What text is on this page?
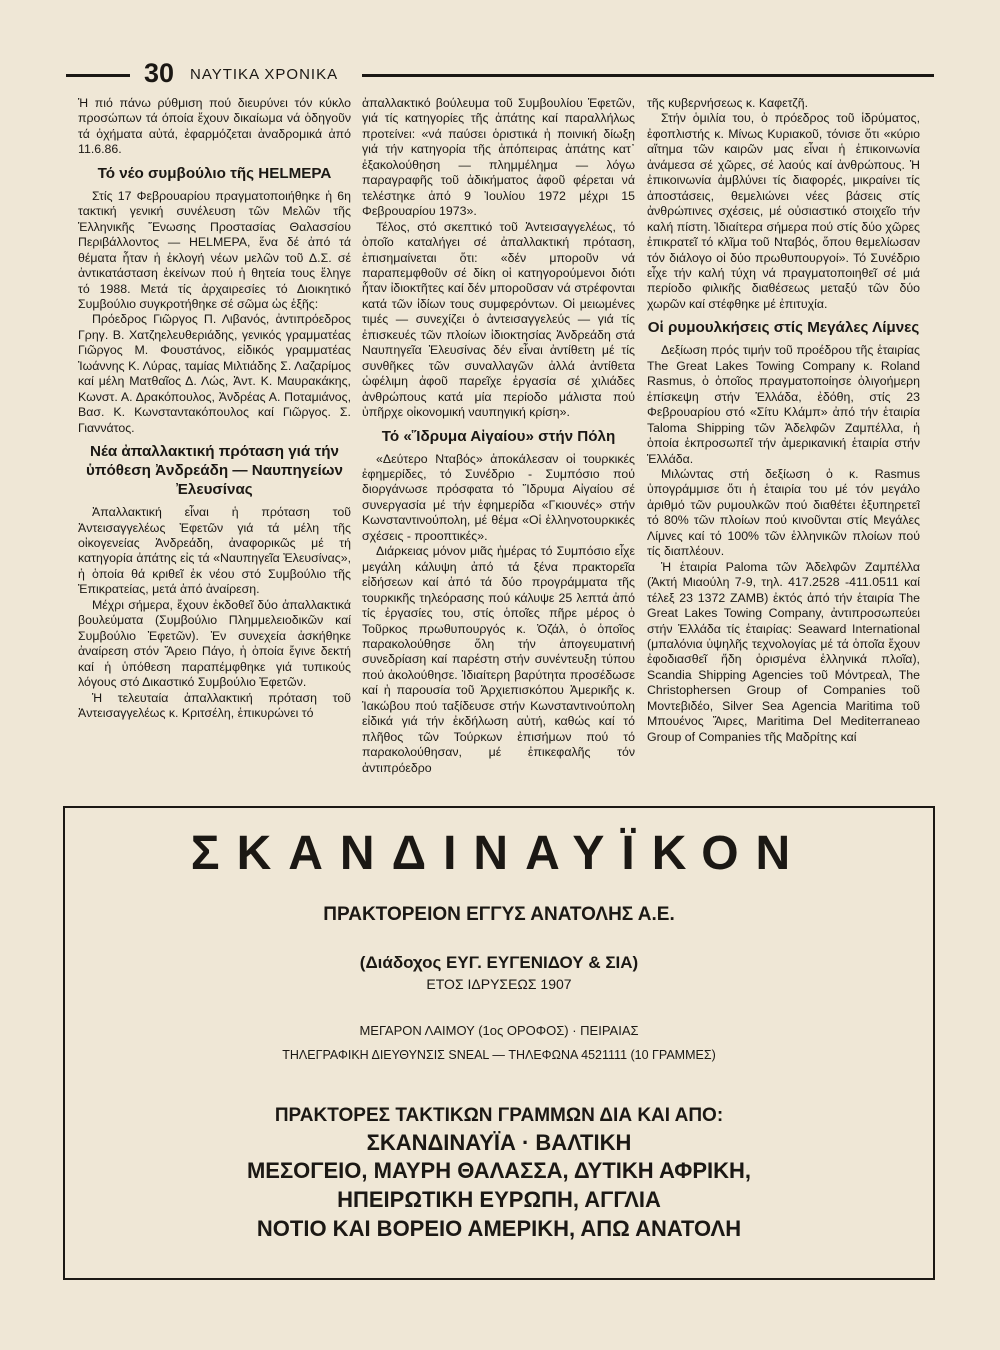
30 ΝΑΥΤΙΚΑ ΧΡΟΝΙΚΑ

Ἡ πιό πάνω ρύθμιση πού διευρύνει τόν κύκλο προσώπων τά όποία ἔχουν δικαίωμα νά ὁδηγοῦν τά ὀχήματα αὐτά, ἐφαρμόζεται ἀναδρομικά ἀπό 11.6.86.

Τό νέο συμβούλιο τῆς HELMEPA

Στίς 17 Φεβρουαρίου πραγματοποιήθηκε ἡ 6η τακτική γενική συνέλευση τῶν Μελῶν τῆς Ἑλληνικῆς Ἕνωσης Προστασίας Θαλασσίου Περιβάλλοντος — HELMEPA, ἕνα δέ ἀπό τά θέματα ἦταν ἡ ἐκλογή νέων μελῶν τοῦ Δ.Σ. σέ ἀντικατάσταση ἐκείνων πού ἡ θητεία τους ἔληγε τό 1988. Μετά τίς ἀρχαιρεσίες τό Διοικητικό Συμβούλιο συγκροτήθηκε σέ σῶμα ὡς ἑξῆς:

Πρόεδρος Γιῶργος Π. Λιβανός, ἀντιπρόεδρος Γρηγ. Β. Χατζηελευθεριάδης, γενικός γραμματέας Γιῶργος Μ. Φουστάνος, εἰδικός γραμματέας Ἰωάννης Κ. Λύρας, ταμίας Μιλτιάδης Σ. Λαζαρίμος καί μέλη Ματθαῖος Δ. Λώς, Ἀντ. Κ. Μαυρακάκης, Κωνστ. Α. Δρακόπουλος, Ἀνδρέας Α. Ποταμιάνος, Βασ. Κ. Κωνσταντακόπουλος καί Γιῶργος. Σ. Γιαννάτος.

Νέα ἀπαλλακτική πρόταση γιά τήν ὑπόθεση Ἀνδρεάδη — Ναυπηγείων Ἐλευσίνας

Ἀπαλλακτική εἶναι ἡ πρόταση τοῦ Ἀντεισαγγελέως Ἐφετῶν γιά τά μέλη τῆς οἰκογενείας Ἀνδρεάδη, ἀναφορικῶς μέ τή κατηγορία ἀπάτης εἰς τά «Ναυπηγεῖα Ἐλευσίνας», ἡ ὁποία θά κριθεῖ ἐκ νέου στό Συμβούλιο τῆς Ἐπικρατείας, μετά ἀπό ἀναίρεση.

Μέχρι σήμερα, ἔχουν ἐκδοθεῖ δύο ἀπαλλακτικά βουλεύματα (Συμβούλιο Πλημμελειοδικῶν καί Συμβούλιο Ἐφετῶν). Ἐν συνεχεία ἀσκήθηκε ἀναίρεση στόν Ἄρειο Πάγο, ἡ ὁποία ἔγινε δεκτή καί ἡ ὑπόθεση παραπέμφθηκε γιά τυπικούς λόγους στό Δικαστικό Συμβούλιο Ἐφετῶν.

Ἡ τελευταία ἀπαλλακτική πρόταση τοῦ Ἀντεισαγγελέως κ. Κριτσέλη, ἐπικυρώνει τό

ἀπαλλακτικό βούλευμα τοῦ Συμβουλίου Ἐφετῶν, γιά τίς κατηγορίες τῆς ἀπάτης καί παραλλήλως προτείνει: «νά παύσει ὁριστικά ἡ ποινική δίωξη γιά τήν κατηγορία τῆς ἀπόπειρας ἀπάτης κατ᾽ ἐξακολούθηση — πλημμέλημα — λόγω παραγραφῆς τοῦ ἀδικήματος ἀφοῦ φέρεται νά τελέστηκε ἀπό 9 Ἰουλίου 1972 μέχρι 15 Φεβρουαρίου 1973».

Τέλος, στό σκεπτικό τοῦ Ἀντεισαγγελέως, τό ὁποῖο καταλήγει σέ ἀπαλλακτική πρόταση, ἐπισημαίνεται ὅτι: «δέν μποροῦν νά παραπεμφθοῦν σέ δίκη οἱ κατηγορούμενοι διότι ἦταν ἰδιοκτῆτες καί δέν μποροῦσαν νά στρέφονται κατά τῶν ἰδίων τους συμφερόντων. Οἱ μειωμένες τιμές — συνεχίζει ὁ ἀντεισαγγελεύς — γιά τίς ἐπισκευές τῶν πλοίων ἰδιοκτησίας Ἀνδρεάδη στά Ναυπηγεῖα Ἐλευσίνας δέν εἶναι ἀντίθετη μέ τίς συνθῆκες τῶν συναλλαγῶν ἀλλά ἀντίθετα ὠφέλιμη ἀφοῦ παρεῖχε ἐργασία σέ χιλιάδες ἀνθρώπους κατά μία περίοδο μάλιστα πού ὑπῆρχε οἰκονομική ναυπηγική κρίση».

Τό «Ἵδρυμα Αἰγαίου» στήν Πόλη

«Δεύτερο Νταβός» ἀποκάλεσαν οἱ τουρκικές ἐφημερίδες, τό Συνέδριο - Συμπόσιο πού διοργάνωσε πρόσφατα τό Ἵδρυμα Αἰγαίου σέ συνεργασία μέ τήν ἐφημερίδα «Γκιουνές» στήν Κωνσταντινούπολη, μέ θέμα «Οἱ ἑλληνοτουρκικές σχέσεις - προοπτικές».

Διάρκειας μόνον μιᾶς ἡμέρας τό Συμπόσιο εἶχε μεγάλη κάλυψη ἀπό τά ξένα πρακτορεῖα εἰδήσεων καί ἀπό τά δύο προγράμματα τῆς τουρκικῆς τηλεόρασης πού κάλυψε 25 λεπτά ἀπό τίς ἐργασίες του, στίς ὁποῖες πῆρε μέρος ὁ Τοῦρκος πρωθυπουργός κ. Ὀζάλ, ὁ ὁποῖος παρακολούθησε ὅλη τήν ἀπογευματινή συνεδρίαση καί παρέστη στήν συνέντευξη τύπου πού ἀκολούθησε. Ἰδιαίτερη βαρύτητα προσέδωσε καί ἡ παρουσία τοῦ Ἀρχιεπισκόπου Ἀμερικῆς κ. Ἰακώβου πού ταξίδευσε στήν Κωνσταντινούπολη εἰδικά γιά τήν ἐκδήλωση αὐτή, καθώς καί τό πλῆθος τῶν Τούρκων ἐπισήμων πού τό παρακολούθησαν, μέ ἐπικεφαλῆς τόν ἀντιπρόεδρο

τῆς κυβερνήσεως κ. Καφετζῆ.

Στήν ὁμιλία του, ὁ πρόεδρος τοῦ ἱδρύματος, ἐφοπλιστής κ. Μίνως Κυριακοῦ, τόνισε ὅτι «κύριο αἴτημα τῶν καιρῶν μας εἶναι ἡ ἐπικοινωνία ἀνάμεσα σέ χῶρες, σέ λαούς καί ἀνθρώπους. Ἡ ἐπικοινωνία ἀμβλύνει τίς διαφορές, μικραίνει τίς ἀποστάσεις, θεμελιώνει νέες βάσεις στίς ἀνθρώπινες σχέσεις, μέ οὐσιαστικό στοιχεῖο τήν καλή πίστη. Ἰδιαίτερα σήμερα πού στίς δύο χῶρες ἐπικρατεῖ τό κλῖμα τοῦ Νταβός, ὅπου θεμελίωσαν τόν διάλογο οἱ δύο πρωθυπουργοί». Τό Συνέδριο εἶχε τήν καλή τύχη νά πραγματοποιηθεῖ σέ μιά περίοδο φιλικῆς διαθέσεως μεταξύ τῶν δύο χωρῶν καί στέφθηκε μέ ἐπιτυχία.

Οἱ ρυμουλκήσεις στίς Μεγάλες Λίμνες

Δεξίωση πρός τιμήν τοῦ προέδρου τῆς ἑταιρίας The Great Lakes Towing Company κ. Roland Rasmus, ὁ ὁποῖος πραγματοποίησε ὀλιγοήμερη ἐπίσκεψη στήν Ἑλλάδα, ἐδόθη, στίς 23 Φεβρουαρίου στό «Σίτυ Κλάμπ» ἀπό τήν ἑταιρία Taloma Shipping τῶν Ἀδελφῶν Ζαμπέλλα, ἡ ὁποία ἐκπροσωπεῖ τήν ἀμερικανική ἑταιρία στήν Ἑλλάδα.

Μιλώντας στή δεξίωση ὁ κ. Rasmus ὑπογράμμισε ὅτι ἡ ἑταιρία του μέ τόν μεγάλο ἀριθμό τῶν ρυμουλκῶν πού διαθέτει ἐξυπηρετεῖ τό 80% τῶν πλοίων πού κινοῦνται στίς Μεγάλες Λίμνες καί τό 100% τῶν ἑλληνικῶν πλοίων πού τίς διαπλέουν.

Ἡ ἑταιρία Paloma τῶν Ἀδελφῶν Ζαμπέλλα (Ἀκτή Μιαούλη 7-9, τηλ. 417.2528 -411.0511 καί τέλεξ 23 1372 ZAMB) ἐκτός ἀπό τήν ἑταιρία The Great Lakes Towing Company, ἀντιπροσωπεύει στήν Ἑλλάδα τίς ἑταιρίας: Seaward International (μπαλόνια ὑψηλῆς τεχνολογίας μέ τά ὁποῖα ἔχουν ἐφοδιασθεῖ ἤδη ὁρισμένα ἑλληνικά πλοῖα), Scandia Shipping Agencies τοῦ Μόντρεαλ, The Christophersen Group of Companies τοῦ Μοντεβιδέο, Silver Sea Agencia Maritima τοῦ Μπουένος Ἄιρες, Maritima Del Mediterraneao Group of Companies τῆς Μαδρίτης καί

ΣΚΑΝΔΙΝΑΥΪΚΟΝ
ΠΡΑΚΤΟΡΕΙΟΝ ΕΓΓΥΣ ΑΝΑΤΟΛΗΣ Α.Ε.
(Διάδοχος ΕΥΓ. ΕΥΓΕΝΙΔΟΥ & ΣΙΑ)
ΕΤΟΣ ΙΔΡΥΣΕΩΣ 1907
ΜΕΓΑΡΟΝ ΛΑΙΜΟΥ (1ος ΟΡΟΦΟΣ) · ΠΕΙΡΑΙΑΣ
ΤΗΛΕΓΡΑΦΙΚΗ ΔΙΕΥΘΥΝΣΙΣ SNEAL — ΤΗΛΕΦΩΝΑ 4521111 (10 ΓΡΑΜΜΕΣ)
ΠΡΑΚΤΟΡΕΣ ΤΑΚΤΙΚΩΝ ΓΡΑΜΜΩΝ ΔΙΑ ΚΑΙ ΑΠΟ:
ΣΚΑΝΔΙΝΑΥΪΑ · ΒΑΛΤΙΚΗ
ΜΕΣΟΓΕΙΟ, ΜΑΥΡΗ ΘΑΛΑΣΣΑ, ΔΥΤΙΚΗ ΑΦΡΙΚΗ,
ΗΠΕΙΡΩΤΙΚΗ ΕΥΡΩΠΗ, ΑΓΓΛΙΑ
ΝΟΤΙΟ ΚΑΙ ΒΟΡΕΙΟ ΑΜΕΡΙΚΗ, ΑΠΩ ΑΝΑΤΟΛΗ
